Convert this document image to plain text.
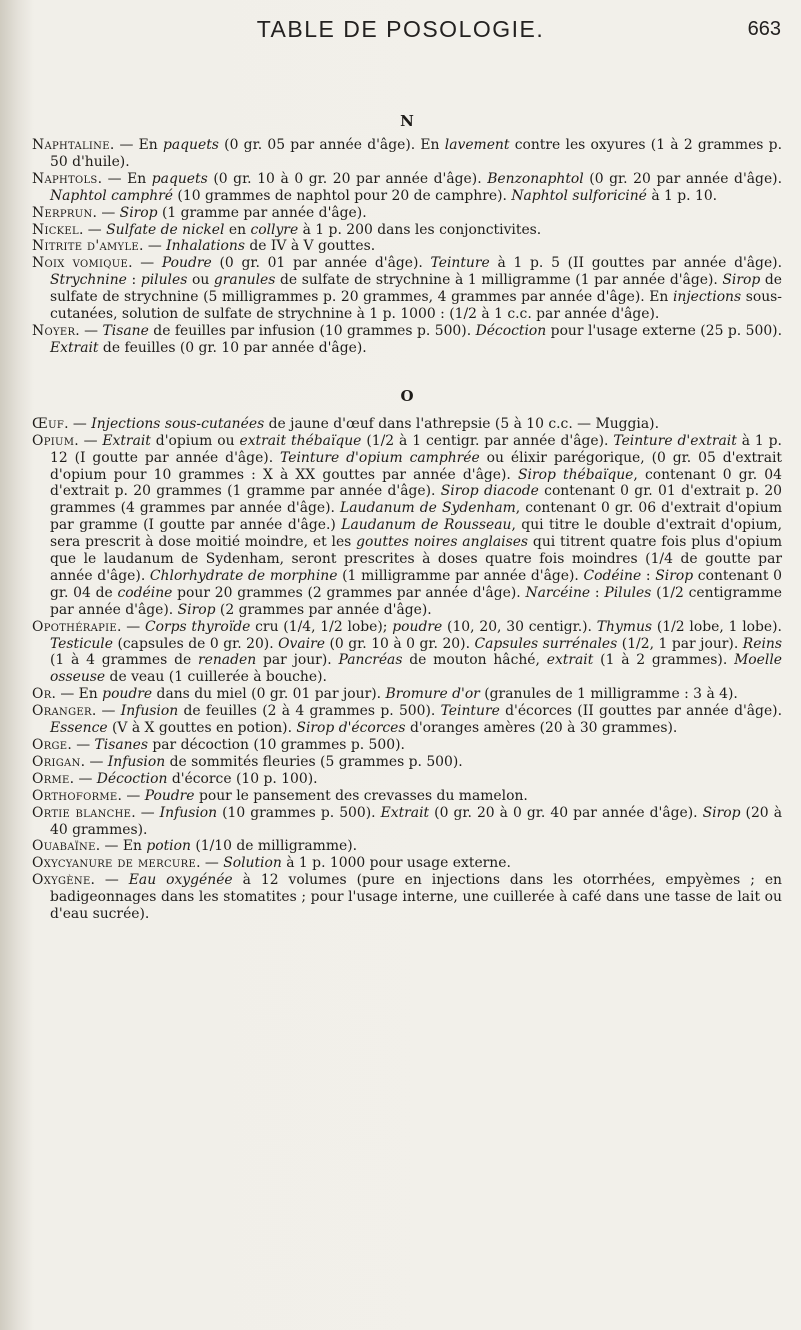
TABLE DE POSOLOGIE.	663
N

Naphtaline. — En paquets (0 gr. 05 par année d'âge). En lavement contre les oxyures (1 à 2 grammes p. 50 d'huile).

Naphtols. — En paquets (0 gr. 10 à 0 gr. 20 par année d'âge). Benzonaphtol (0 gr. 20 par année d'âge). Naphtol camphré (10 grammes de naphtol pour 20 de camphre). Naphtol sulforiciné à 1 p. 10.

Nerprun. — Sirop (1 gramme par année d'âge).

Nickel. — Sulfate de nickel en collyre à 1 p. 200 dans les conjonctivites.

Nitrite d'amyle. — Inhalations de IV à V gouttes.

Noix vomique. — Poudre (0 gr. 01 par année d'âge). Teinture à 1 p. 5 (II gouttes par année d'âge). Strychnine : pilules ou granules de sulfate de strychnine à 1 milligramme (1 par année d'âge). Sirop de sulfate de strychnine (5 milligrammes p. 20 grammes, 4 grammes par année d'âge). En injections sous-cutanées, solution de sulfate de strychnine à 1 p. 1000 : (1/2 à 1 c.c. par année d'âge).

Noyer. — Tisane de feuilles par infusion (10 grammes p. 500). Décoction pour l'usage externe (25 p. 500). Extrait de feuilles (0 gr. 10 par année d'âge).

O

Œuf. — Injections sous-cutanées de jaune d'œuf dans l'athrepsie (5 à 10 c.c. — Muggia).

Opium. — Extrait d'opium ou extrait thébaïque (1/2 à 1 centigr. par année d'âge). Teinture d'extrait à 1 p. 12 (I goutte par année d'âge). Teinture d'opium camphrée ou élixir parégorique, (0 gr. 05 d'extrait d'opium pour 10 grammes : X à XX gouttes par année d'âge). Sirop thébaïque, contenant 0 gr. 04 d'extrait p. 20 grammes (1 gramme par année d'âge). Sirop diacode contenant 0 gr. 01 d'extrait p. 20 grammes (4 grammes par année d'âge). Laudanum de Sydenham, contenant 0 gr. 06 d'extrait d'opium par gramme (I goutte par année d'âge.) Laudanum de Rousseau, qui titre le double d'extrait d'opium, sera prescrit à dose moitié moindre, et les gouttes noires anglaises qui titrent quatre fois plus d'opium que le laudanum de Sydenham, seront prescrites à doses quatre fois moindres (1/4 de goutte par année d'âge). Chlorhydrate de morphine (1 milligramme par année d'âge). Codéine : Sirop contenant 0 gr. 04 de codéine pour 20 grammes (2 grammes par année d'âge). Narcéine : Pilules (1/2 centigramme par année d'âge). Sirop (2 grammes par année d'âge).

Opothérapie. — Corps thyroïde cru (1/4, 1/2 lobe); poudre (10, 20, 30 centigr.). Thymus (1/2 lobe, 1 lobe). Testicule (capsules de 0 gr. 20). Ovaire (0 gr. 10 à 0 gr. 20). Capsules surrénales (1/2, 1 par jour). Reins (1 à 4 grammes de renaden par jour). Pancréas de mouton hâché, extrait (1 à 2 grammes). Moelle osseuse de veau (1 cuillerée à bouche).

Or. — En poudre dans du miel (0 gr. 01 par jour). Bromure d'or (granules de 1 milligramme : 3 à 4).

Oranger. — Infusion de feuilles (2 à 4 grammes p. 500). Teinture d'écorces (II gouttes par année d'âge). Essence (V à X gouttes en potion). Sirop d'écorces d'oranges amères (20 à 30 grammes).

Orge. — Tisanes par décoction (10 grammes p. 500).

Origan. — Infusion de sommités fleuries (5 grammes p. 500).

Orme. — Décoction d'écorce (10 p. 100).

Orthoforme. — Poudre pour le pansement des crevasses du mamelon.

Ortie blanche. — Infusion (10 grammes p. 500). Extrait (0 gr. 20 à 0 gr. 40 par année d'âge). Sirop (20 à 40 grammes).

Ouabaïne. — En potion (1/10 de milligramme).

Oxycyanure de mercure. — Solution à 1 p. 1000 pour usage externe.

Oxygène. — Eau oxygénée à 12 volumes (pure en injections dans les otorrhées, empyèmes ; en badigeonnages dans les stomatites ; pour l'usage interne, une cuillerée à café dans une tasse de lait ou d'eau sucrée).
